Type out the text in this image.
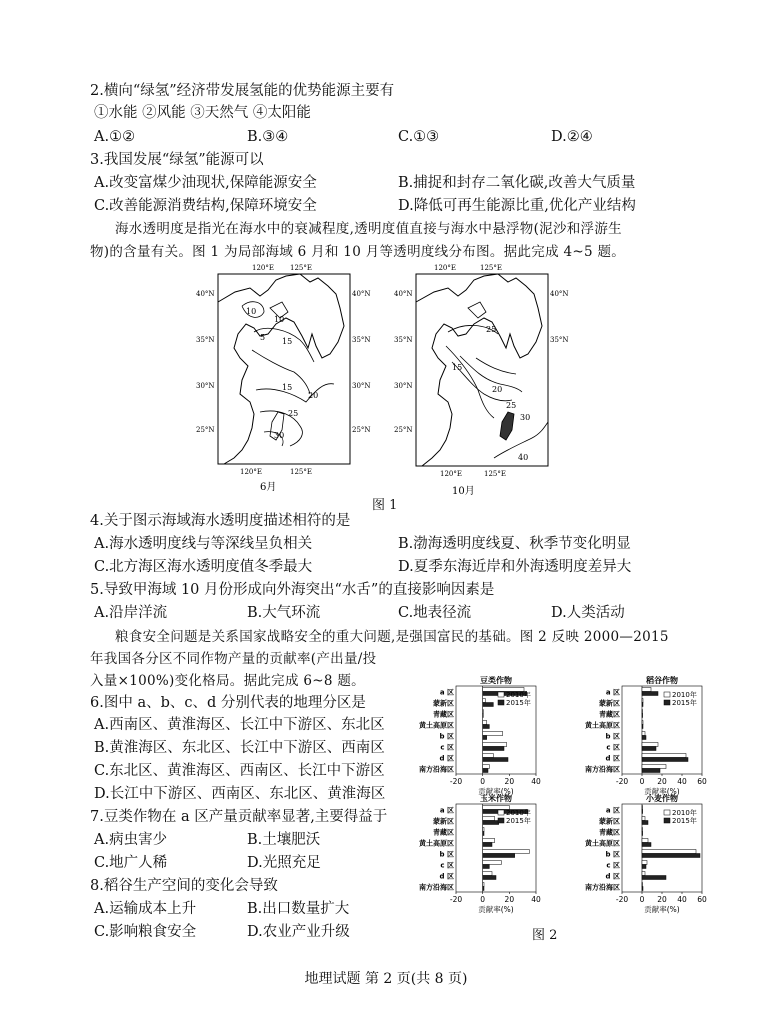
2.横向“绿氢”经济带发展氢能的优势能源主要有
①水能 ②风能 ③天然气 ④太阳能
A.①②	B.③④	C.①③	D.②④
3.我国发展“绿氢”能源可以
A.改变富煤少油现状,保障能源安全	B.捕捉和封存二氧化碳,改善大气质量
C.改善能源消费结构,保障环境安全	D.降低可再生能源比重,优化产业结构
海水透明度是指光在海水中的衰减程度,透明度值直接与海水中悬浮物(泥沙和浮游生
物)的含量有关。图 1 为局部海域 6 月和 10 月等透明度线分布图。据此完成 4~5 题。
120°E 125°E
40°N
35°N
30°N
25°N
40°N
35°N
30°N
25°N
10
10
5 15
15
20
25
30
120°E	125°E
6月
120°E	125°E
40°N
35°N
30°N
25°N
40°N
35°N
25
15
20
25
30
40
120°E	125°E
10月
图 1
4.关于图示海域海水透明度描述相符的是
A.海水透明度线与等深线呈负相关	B.渤海透明度线夏、秋季节变化明显
C.北方海区海水透明度值冬季最大	D.夏季东海近岸和外海透明度差异大
5.导致甲海域 10 月份形成向外海突出“水舌”的直接影响因素是
A.沿岸洋流	B.大气环流	C.地表径流	D.人类活动
粮食安全问题是关系国家战略安全的重大问题,是强国富民的基础。图 2 反映 2000—2015
年我国各分区不同作物产量的贡献率(产出量/投
入量×100%)变化格局。据此完成 6~8 题。
6.图中 a、b、c、d 分别代表的地理分区是
A.西南区、黄淮海区、长江中下游区、东北区
B.黄淮海区、东北区、长江中下游区、西南区
C.东北区、黄淮海区、西南区、长江中下游区
D.长江中下游区、西南区、东北区、黄淮海区
7.豆类作物在 a 区产量贡献率显著,主要得益于
A.病虫害少	B.土壤肥沃
C.地广人稀	D.光照充足
8.稻谷生产空间的变化会导致
A.运输成本上升	B.出口数量扩大
C.影响粮食安全	D.农业产业升级
豆类作物
a 区
蒙新区
青藏区
黄土高原区
b 区
c 区
d 区
南方沿海区
-20 0	20 40
贡献率(%)
2010年
2015年
稻谷作物
a 区
蒙新区
青藏区
黄土高原区
b 区
c 区
d 区
南方沿海区
-20 0 20 40 60
贡献率(%)
2010年
2015年
玉米作物
a 区
蒙新区
青藏区
黄土高原区
b 区
c 区
d 区
南方沿海区
-20 0	20 40
贡献率(%)
2010年
2015年
小麦作物
a 区
蒙新区
青藏区
黄土高原区
b 区
c 区
d 区
南方沿海区
-20 0 20 40 60
贡献率(%)
2010年
2015年
图 2
地理试题 第 2 页(共 8 页)
